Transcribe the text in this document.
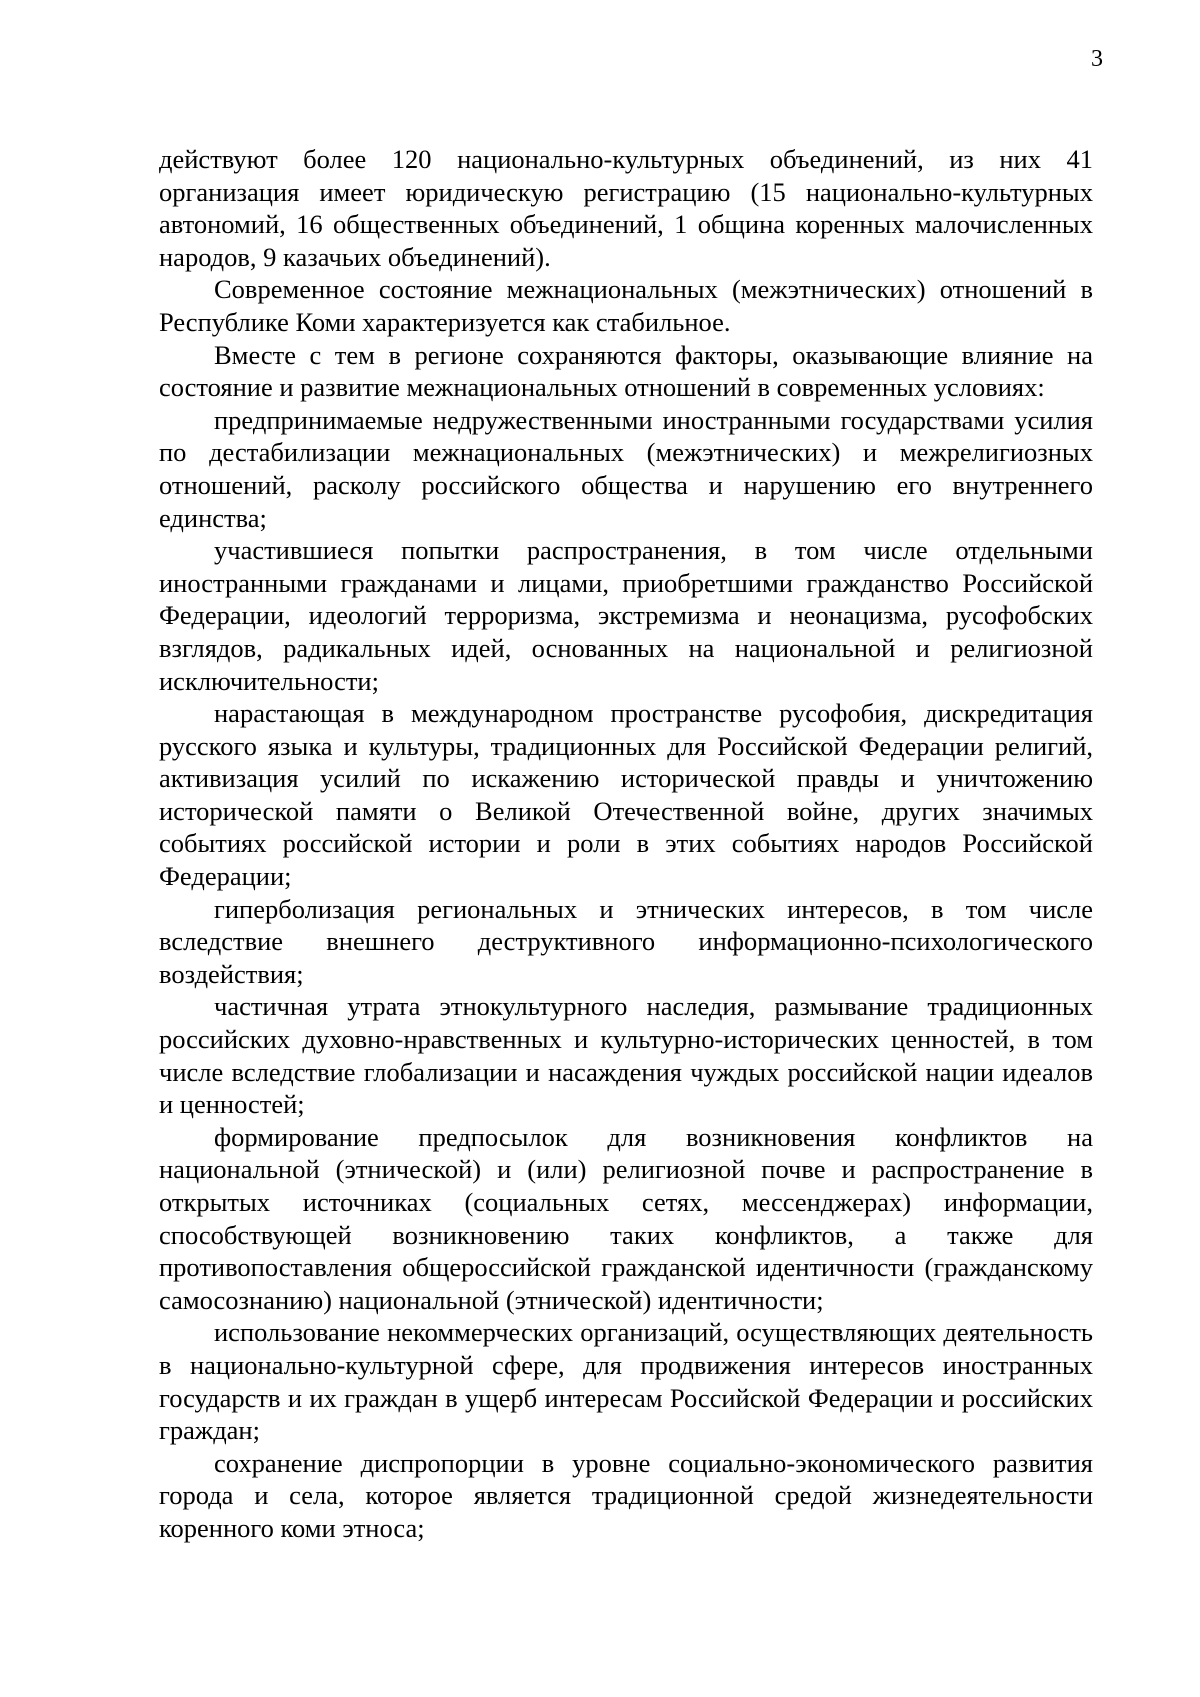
3

действуют более 120 национально-культурных объединений, из них 41 организация имеет юридическую регистрацию (15 национально-культурных автономий, 16 общественных объединений, 1 община коренных малочисленных народов, 9 казачьих объединений).

Современное состояние межнациональных (межэтнических) отношений в Республике Коми характеризуется как стабильное.

Вместе с тем в регионе сохраняются факторы, оказывающие влияние на состояние и развитие межнациональных отношений в современных условиях:

предпринимаемые недружественными иностранными государствами усилия по дестабилизации межнациональных (межэтнических) и межрелигиозных отношений, расколу российского общества и нарушению его внутреннего единства;

участившиеся попытки распространения, в том числе отдельными иностранными гражданами и лицами, приобретшими гражданство Российской Федерации, идеологий терроризма, экстремизма и неонацизма, русофобских взглядов, радикальных идей, основанных на национальной и религиозной исключительности;

нарастающая в международном пространстве русофобия, дискредитация русского языка и культуры, традиционных для Российской Федерации религий, активизация усилий по искажению исторической правды и уничтожению исторической памяти о Великой Отечественной войне, других значимых событиях российской истории и роли в этих событиях народов Российской Федерации;

гиперболизация региональных и этнических интересов, в том числе вследствие внешнего деструктивного информационно-психологического воздействия;

частичная утрата этнокультурного наследия, размывание традиционных российских духовно-нравственных и культурно-исторических ценностей, в том числе вследствие глобализации и насаждения чуждых российской нации идеалов и ценностей;

формирование предпосылок для возникновения конфликтов на национальной (этнической) и (или) религиозной почве и распространение в открытых источниках (социальных сетях, мессенджерах) информации, способствующей возникновению таких конфликтов, а также для противопоставления общероссийской гражданской идентичности (гражданскому самосознанию) национальной (этнической) идентичности;

использование некоммерческих организаций, осуществляющих деятельность в национально-культурной сфере, для продвижения интересов иностранных государств и их граждан в ущерб интересам Российской Федерации и российских граждан;

сохранение диспропорции в уровне социально-экономического развития города и села, которое является традиционной средой жизнедеятельности коренного коми этноса;
